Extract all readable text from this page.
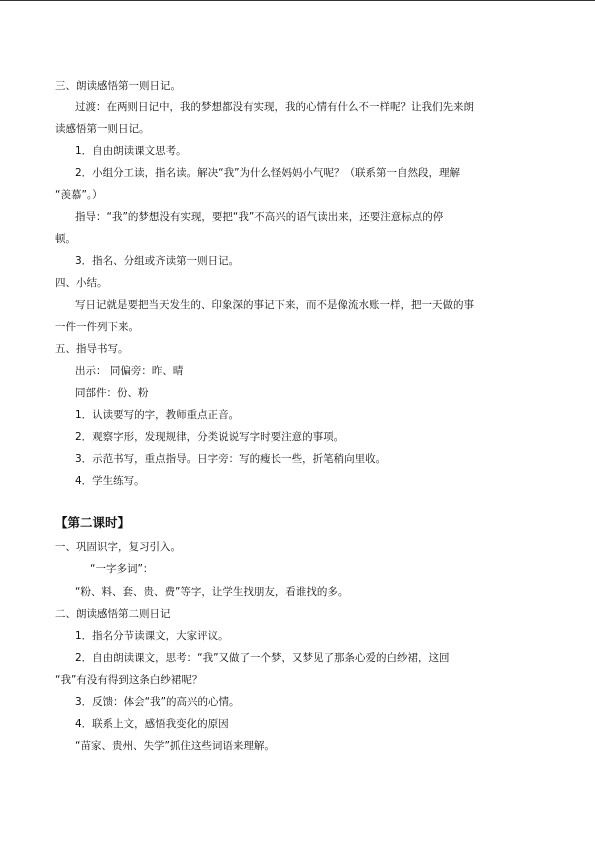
三、朗读感悟第一则日记。
过渡：在两则日记中，我的梦想都没有实现，我的心情有什么不一样呢？让我们先来朗
读感悟第一则日记。
1．自由朗读课文思考。
2．小组分工读，指名读。解决“我”为什么怪妈妈小气呢？（联系第一自然段，理解
“羡慕”。）
指导：“我”的梦想没有实现，要把“我”不高兴的语气读出来，还要注意标点的停
顿。
3．指名、分组或齐读第一则日记。
四、小结。
写日记就是要把当天发生的、印象深的事记下来，而不是像流水账一样，把一天做的事
一件一件列下来。
五、指导书写。
出示： 同偏旁：昨、晴
同部件：份、粉
1．认读要写的字，教师重点正音。
2．观察字形，发现规律，分类说说写字时要注意的事项。
3．示范书写，重点指导。日字旁：写的瘦长一些，折笔稍向里收。
4．学生练写。
【第二课时】
一、巩固识字，复习引入。
“一字多词”：
“粉、料、套、贵、费”等字，让学生找朋友，看谁找的多。
二、朗读感悟第二则日记
1．指名分节读课文，大家评议。
2．自由朗读课文，思考：“我”又做了一个梦，又梦见了那条心爱的白纱裙，这回
“我”有没有得到这条白纱裙呢？
3．反馈：体会“我”的高兴的心情。
4．联系上文，感悟我变化的原因
“苗家、贵州、失学”抓住这些词语来理解。
